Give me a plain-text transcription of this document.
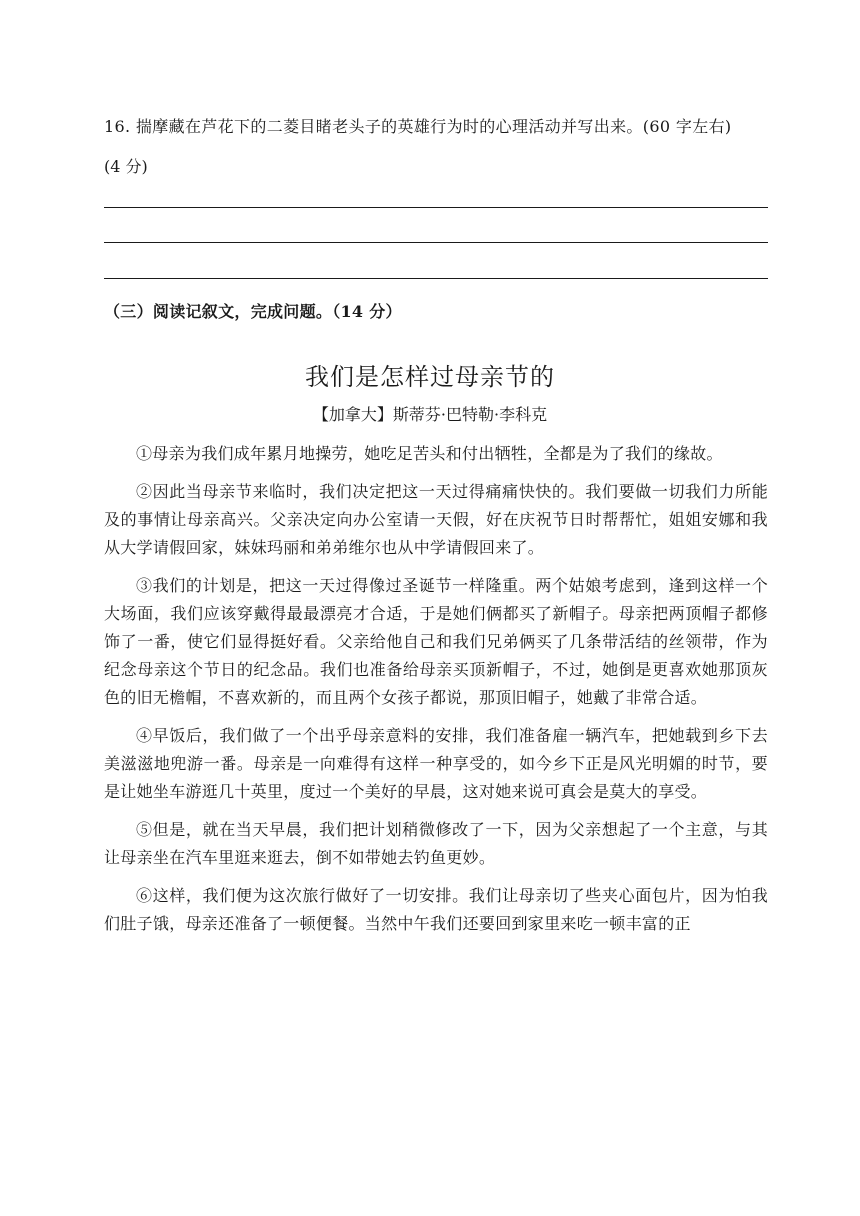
16. 揣摩藏在芦花下的二菱目睹老头子的英雄行为时的心理活动并写出来。(60 字左右)
(4 分)
（三）阅读记叙文，完成问题。（14 分）
我们是怎样过母亲节的
【加拿大】斯蒂芬·巴特勒·李科克

①母亲为我们成年累月地操劳，她吃足苦头和付出牺牲，全都是为了我们的缘故。

②因此当母亲节来临时，我们决定把这一天过得痛痛快快的。我们要做一切我们力所能及的事情让母亲高兴。父亲决定向办公室请一天假，好在庆祝节日时帮帮忙，姐姐安娜和我从大学请假回家，妹妹玛丽和弟弟维尔也从中学请假回来了。

③我们的计划是，把这一天过得像过圣诞节一样隆重。两个姑娘考虑到，逢到这样一个大场面，我们应该穿戴得最最漂亮才合适，于是她们俩都买了新帽子。母亲把两顶帽子都修饰了一番，使它们显得挺好看。父亲给他自己和我们兄弟俩买了几条带活结的丝领带，作为纪念母亲这个节日的纪念品。我们也准备给母亲买顶新帽子，不过，她倒是更喜欢她那顶灰色的旧无檐帽，不喜欢新的，而且两个女孩子都说，那顶旧帽子，她戴了非常合适。

④早饭后，我们做了一个出乎母亲意料的安排，我们准备雇一辆汽车，把她载到乡下去美滋滋地兜游一番。母亲是一向难得有这样一种享受的，如今乡下正是风光明媚的时节，要是让她坐车游逛几十英里，度过一个美好的早晨，这对她来说可真会是莫大的享受。

⑤但是，就在当天早晨，我们把计划稍微修改了一下，因为父亲想起了一个主意，与其让母亲坐在汽车里逛来逛去，倒不如带她去钓鱼更妙。

⑥这样，我们便为这次旅行做好了一切安排。我们让母亲切了些夹心面包片，因为怕我们肚子饿，母亲还准备了一顿便餐。当然中午我们还要回到家里来吃一顿丰富的正
